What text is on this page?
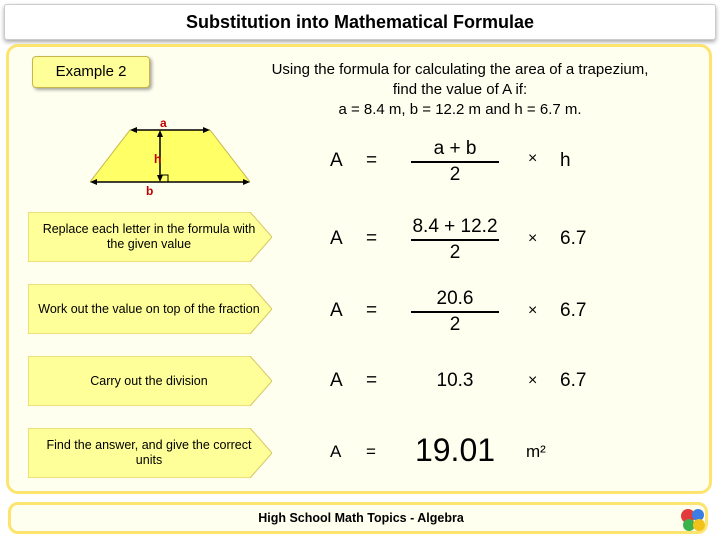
Substitution into Mathematical Formulae
Example 2	Using the formula for calculating the area of a trapezium,
find the value of A if:
a = 8.4 m, b = 12.2 m and h = 6.7 m.
a
h
b
A =
a + b
2
× h
Replace each letter in the formula with the given value	A =
8.4 + 12.2
2
× 6.7
Work out the value on top of the fraction	A =
20.6
2
× 6.7
Carry out the division	A =	10.3	× 6.7
Find the answer, and give the correct units	A =	19.01	m²
High School Math Topics - Algebra
